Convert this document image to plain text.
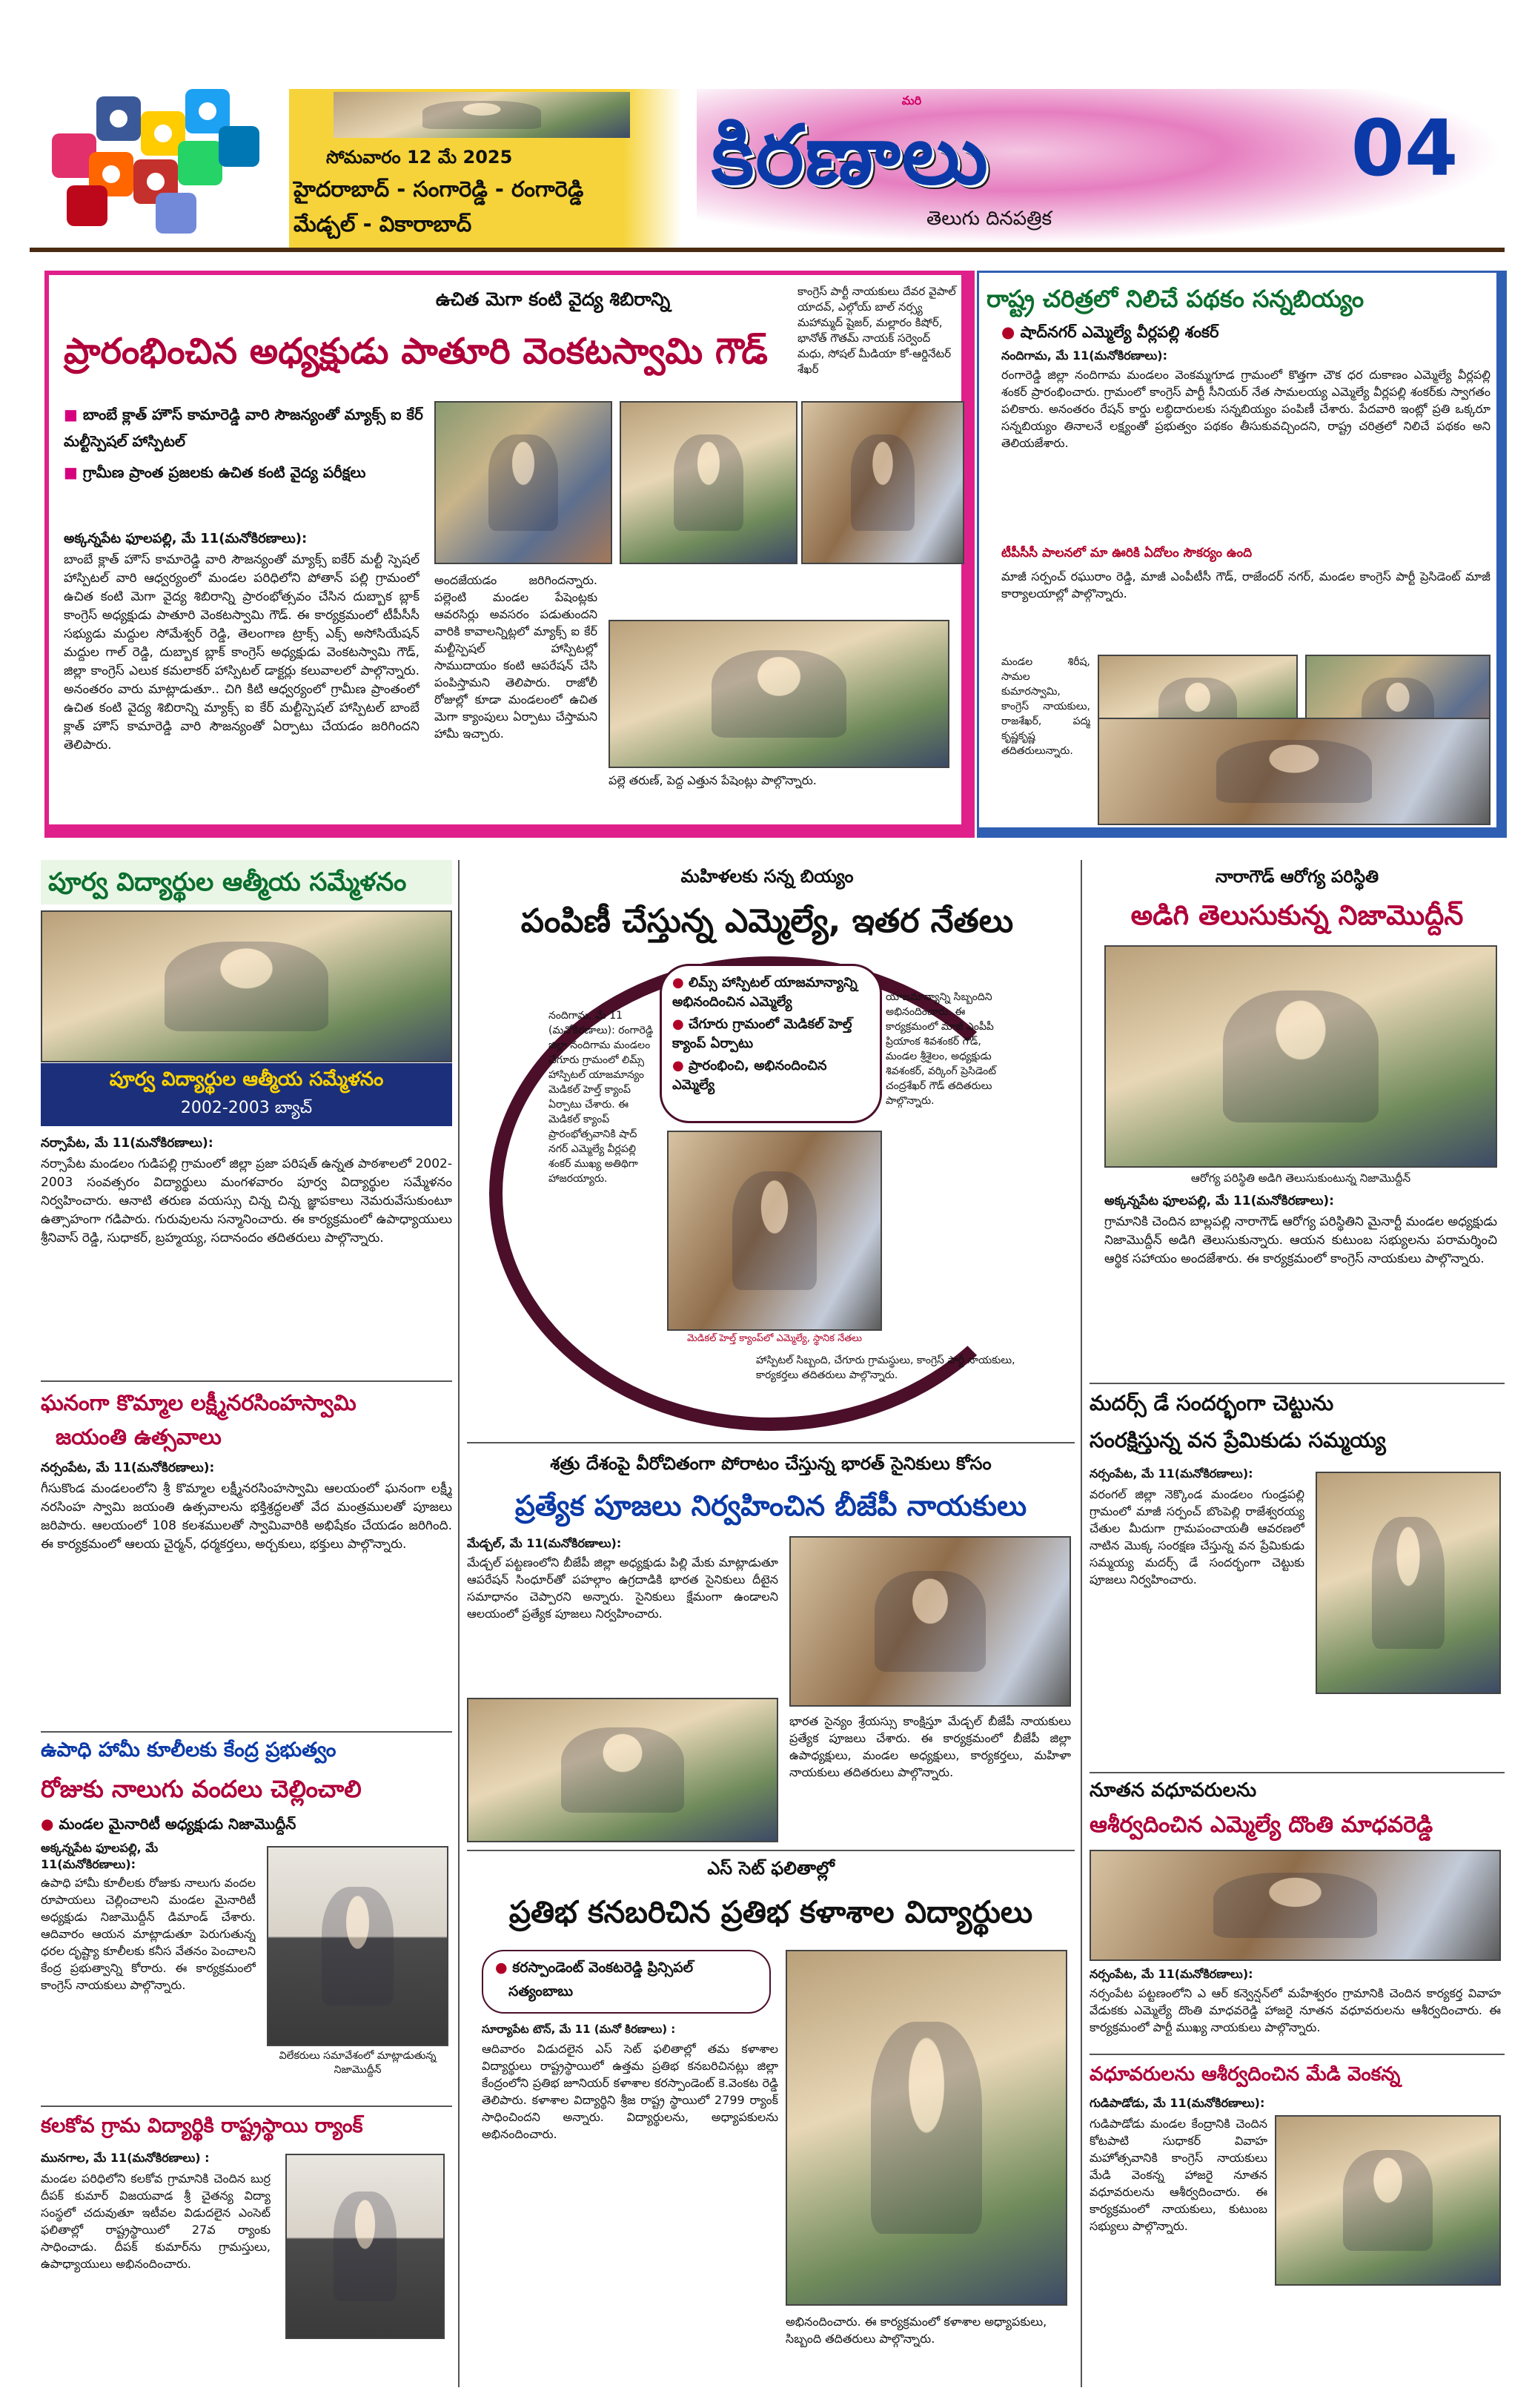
సోమవారం 12 మే 2025
హైదరాబాద్ - సంగారెడ్డి - రంగారెడ్డి
మేడ్చల్ - వికారాబాద్
మరి
కిరణాలు
తెలుగు దినపత్రిక
04
ఉచిత మెగా కంటి వైద్య శిబిరాన్ని
ప్రారంభించిన అధ్యక్షుడు పాతూరి వెంకటస్వామి గౌడ్
కాంగ్రెస్ పార్టీ నాయకులు దేవర వైపాల్ యాదవ్, ఎల్గోయ్ బాల్ నర్స్య మహామ్మద్ షైజర్, మల్లారం కిషోర్, భానోత్ గౌతమ్ నాయక్ సర్వెంద్ మధు, సోషల్ మీడియా కో-ఆర్డినేటర్ శేఖర్
■ బాంబే క్లాత్ హౌస్ కామారెడ్డి వారి సౌజన్యంతో మ్యాక్స్ ఐ కేర్ మల్టీస్పెషల్ హాస్పిటల్
■ గ్రామీణ ప్రాంత ప్రజలకు ఉచిత కంటి వైద్య పరీక్షలు
అక్కన్నపేట ఫూలపల్లి, మే 11(మనోకిరణాలు):
బాంబే క్లాత్ హౌస్ కామారెడ్డి వారి సౌజన్యంతో మ్యాక్స్ ఐకేర్ మల్టీ స్పెషల్ హాస్పిటల్ వారి ఆధ్వర్యంలో మండల పరిధిలోని పోతాన్ పల్లి గ్రామంలో ఉచిత కంటి మెగా వైద్య శిబిరాన్ని ప్రారంభోత్సవం చేసిన దుబ్బాక బ్లాక్ కాంగ్రెస్ అధ్యక్షుడు పాతూరి వెంకటస్వామి గౌడ్. ఈ కార్యక్రమంలో టీపీసీసీ సభ్యుడు మద్దుల సోమేశ్వర్ రెడ్డి, తెలంగాణ ట్రాక్స్ ఎక్స్ అసోసియేషన్ మద్దుల గాల్ రెడ్డి, దుబ్బాక బ్లాక్ కాంగ్రెస్ అధ్యక్షుడు వెంకటస్వామి గౌడ్, జిల్లా కాంగ్రెస్ ఎలుక కమలాకర్ హాస్పిటల్ డాక్టర్లు కలువాలలో పాల్గొన్నారు. అనంతరం వారు మాట్లాడుతూ.. చిగి కిటి ఆధ్వర్యంలో గ్రామీణ ప్రాంతంలో ఉచిత కంటి వైద్య శిబిరాన్ని మ్యాక్స్ ఐ కేర్ మల్టీస్పెషల్ హాస్పిటల్ బాంబే క్లాత్ హౌస్ కామారెడ్డి వారి సౌజన్యంతో ఏర్పాటు చేయడం జరిగిందని తెలిపారు.
అందజేయడం జరిగిందన్నారు. పల్లెంటి మండల పేషెంట్లకు ఆవరసిర్లు అవసరం పడుతుందని వారికి కావాలన్నిట్లలో మ్యాక్స్ ఐ కేర్ మల్టీస్పెషల్ హాస్పిటల్లో సాముదాయం కంటి ఆపరేషన్ చేసి పంపిస్తామని తెలిపారు. రాజోలీ రోజుల్లో కూడా మండలంలో ఉచిత మెగా క్యాంపులు ఏర్పాటు చేస్తామని హామీ ఇచ్చారు.
పల్లె తరుణ్, పెద్ద ఎత్తున పేషెంట్లు పాల్గొన్నారు.
రాష్ట్ర చరిత్రలో నిలిచే పథకం సన్నబియ్యం
● షాద్‌నగర్ ఎమ్మెల్యే వీర్లపల్లి శంకర్
నందిగామ, మే 11(మనోకిరణాలు):
రంగారెడ్డి జిల్లా నందిగామ మండలం వెంకమ్మగూడ గ్రామంలో కొత్తగా చౌక ధర దుకాణం ఎమ్మెల్యే వీర్లపల్లి శంకర్ ప్రారంభించారు. గ్రామంలో కాంగ్రెస్ పార్టీ సీనియర్ నేత సామలయ్య ఎమ్మెల్యే వీర్లపల్లి శంకర్‌కు స్వాగతం పలికారు. అనంతరం రేషన్ కార్డు లబ్ధిదారులకు సన్నబియ్యం పంపిణీ చేశారు. పేదవారి ఇంట్లో ప్రతి ఒక్కరూ సన్నబియ్యం తినాలనే లక్ష్యంతో ప్రభుత్వం పథకం తీసుకువచ్చిందని, రాష్ట్ర చరిత్రలో నిలిచే పథకం అని తెలియజేశారు.
టీపీసీసీ పాలనలో మా ఊరికి ఏదోలం సౌకర్యం ఉంది
మాజీ సర్పంచ్ రఘురాం రెడ్డి, మాజీ ఎంపీటీసీ గౌడ్, రాజేందర్ నగర్, మండల కాంగ్రెస్ పార్టీ ప్రెసిడెంట్ మాజీ కార్యాలయాల్లో పాల్గొన్నారు.
మండల శిరీష, సామల కుమారస్వామి, కాంగ్రెస్ నాయకులు, రాజశేఖర్, పద్మ కృష్ణకృష్ణ తదితరులున్నారు.
పూర్వ విద్యార్థుల ఆత్మీయ సమ్మేళనం
పూర్వ విద్యార్థుల ఆత్మీయ సమ్మేళనం
2002-2003 బ్యాచ్
నర్సాపేట, మే 11(మనోకిరణాలు):
నర్సాపేట మండలం గుడిపల్లి గ్రామంలో జిల్లా ప్రజా పరిషత్ ఉన్నత పాఠశాలలో 2002-2003 సంవత్సరం విద్యార్థులు మంగళవారం పూర్వ విద్యార్థుల సమ్మేళనం నిర్వహించారు. ఆనాటి తరుణ వయస్సు చిన్న చిన్న జ్ఞాపకాలు నెమరువేసుకుంటూ ఉత్సాహంగా గడిపారు. గురువులను సన్మానించారు. ఈ కార్యక్రమంలో ఉపాధ్యాయులు శ్రీనివాస్ రెడ్డి, సుధాకర్, బ్రహ్మయ్య, సదానందం తదితరులు పాల్గొన్నారు.
మహిళలకు సన్న బియ్యం
పంపిణీ చేస్తున్న ఎమ్మెల్యే, ఇతర నేతలు
● లిమ్స్ హాస్పిటల్ యాజమాన్యాన్ని అభినందించిన ఎమ్మెల్యే
● చేగూరు గ్రామంలో మెడికల్ హెల్త్ క్యాంప్ ఏర్పాటు
● ప్రారంభించి, అభినందించిన ఎమ్మెల్యే
నందిగామ, మే 11 (మనోకిరణాలు): రంగారెడ్డి జిల్లా నందిగామ మండలం చేగూరు గ్రామంలో లిమ్స్ హాస్పిటల్ యాజమాన్యం మెడికల్ హెల్త్ క్యాంప్ ఏర్పాటు చేశారు. ఈ మెడికల్ క్యాంప్ ప్రారంభోత్సవానికి షాద్ నగర్ ఎమ్మెల్యే వీర్లపల్లి శంకర్ ముఖ్య అతిథిగా హాజరయ్యారు.
యాజమాన్యాన్ని సిబ్బందిని అభినందించారు. ఈ కార్యక్రమంలో మాజీ ఎంపీపీ ప్రియాంక శివశంకర్ గౌడ్, మండల శ్రీశైలం, అధ్యక్షుడు శివశంకర్, వర్కింగ్ ప్రెసిడెంట్ చంద్రశేఖర్ గౌడ్ తదితరులు పాల్గొన్నారు.
మెడికల్ హెల్త్ క్యాంప్‌లో ఎమ్మెల్యే, స్థానిక నేతలు
హాస్పిటల్ సిబ్బంది, చేగూరు గ్రామస్థులు, కాంగ్రెస్ పార్టీ నాయకులు, కార్యకర్తలు తదితరులు పాల్గొన్నారు.
నారాగౌడ్ ఆరోగ్య పరిస్థితి
అడిగి తెలుసుకున్న నిజామొద్దీన్
ఆరోగ్య పరిస్థితి అడిగి తెలుసుకుంటున్న నిజామొద్దీన్
అక్కన్నపేట ఫూలపల్లి, మే 11(మనోకిరణాలు):
గ్రామానికి చెందిన బాల్లపల్లి నారాగౌడ్ ఆరోగ్య పరిస్థితిని మైనార్టీ మండల అధ్యక్షుడు నిజామొద్దీన్ అడిగి తెలుసుకున్నారు. ఆయన కుటుంబ సభ్యులను పరామర్శించి ఆర్థిక సహాయం అందజేశారు. ఈ కార్యక్రమంలో కాంగ్రెస్ నాయకులు పాల్గొన్నారు.
ఘనంగా కొమ్మాల లక్ష్మీనరసింహస్వామి
జయంతి ఉత్సవాలు
నర్సంపేట, మే 11(మనోకిరణాలు):
గీసుకొండ మండలంలోని శ్రీ కొమ్మాల లక్ష్మీనరసింహస్వామి ఆలయంలో ఘనంగా లక్ష్మీ నరసింహ స్వామి జయంతి ఉత్సవాలను భక్తిశ్రద్ధలతో వేద మంత్రములతో పూజలు జరిపారు. ఆలయంలో 108 కలశములతో స్వామివారికి అభిషేకం చేయడం జరిగింది. ఈ కార్యక్రమంలో ఆలయ చైర్మన్, ధర్మకర్తలు, అర్చకులు, భక్తులు పాల్గొన్నారు.
ఉపాధి హామీ కూలీలకు కేంద్ర ప్రభుత్వం
రోజుకు నాలుగు వందలు చెల్లించాలి
● మండల మైనారిటీ అధ్యక్షుడు నిజామొద్దీన్
అక్కన్నపేట ఫూలపల్లి, మే 11(మనోకిరణాలు):
ఉపాధి హామీ కూలీలకు రోజుకు నాలుగు వందల రూపాయలు చెల్లించాలని మండల మైనారిటీ అధ్యక్షుడు నిజామొద్దీన్ డిమాండ్ చేశారు. ఆదివారం ఆయన మాట్లాడుతూ పెరుగుతున్న ధరల దృష్ట్యా కూలీలకు కనీస వేతనం పెంచాలని కేంద్ర ప్రభుత్వాన్ని కోరారు. ఈ కార్యక్రమంలో కాంగ్రెస్ నాయకులు పాల్గొన్నారు.
విలేకరులు సమావేశంలో మాట్లాడుతున్న నిజామొద్దీన్
కలకోవ గ్రామ విద్యార్థికి రాష్ట్రస్థాయి ర్యాంక్
మునగాల, మే 11(మనోకిరణాలు) :
మండల పరిధిలోని కలకోవ గ్రామానికి చెందిన బుర్ర దీపక్ కుమార్ విజయవాడ శ్రీ చైతన్య విద్యా సంస్థలో చదువుతూ ఇటీవల విడుదలైన ఎంసెట్ ఫలితాల్లో రాష్ట్రస్థాయిలో 27వ ర్యాంకు సాధించాడు. దీపక్ కుమార్‌ను గ్రామస్తులు, ఉపాధ్యాయులు అభినందించారు.
మదర్స్ డే సందర్భంగా చెట్టును
సంరక్షిస్తున్న వన ప్రేమికుడు సమ్మయ్య
నర్సంపేట, మే 11(మనోకిరణాలు):
వరంగల్ జిల్లా నెక్కొండ మండలం గుండ్రపల్లి గ్రామంలో మాజీ సర్పంచ్ బొంపెల్లి రాజేశ్వరయ్య చేతుల మీదుగా గ్రామపంచాయతీ ఆవరణలో నాటిన మొక్క సంరక్షణ చేస్తున్న వన ప్రేమికుడు సమ్మయ్య మదర్స్ డే సందర్భంగా చెట్టుకు పూజలు నిర్వహించారు.
నూతన వధూవరులను
ఆశీర్వదించిన ఎమ్మెల్యే దొంతి మాధవరెడ్డి
నర్సంపేట, మే 11(మనోకిరణాలు):
నర్సంపేట పట్టణంలోని ఎ ఆర్ కన్వెన్షన్‌లో మహేశ్వరం గ్రామానికి చెందిన కార్యకర్త వివాహ వేడుకకు ఎమ్మెల్యే దొంతి మాధవరెడ్డి హాజరై నూతన వధూవరులను ఆశీర్వదించారు. ఈ కార్యక్రమంలో పార్టీ ముఖ్య నాయకులు పాల్గొన్నారు.
వధూవరులను ఆశీర్వదించిన మేడి వెంకన్న
గుడిపాడోడు, మే 11(మనోకిరణాలు):
గుడిపాడోడు మండల కేంద్రానికి చెందిన కోటపాటి సుధాకర్ వివాహ మహోత్సవానికి కాంగ్రెస్ నాయకులు మేడి వెంకన్న హాజరై నూతన వధూవరులను ఆశీర్వదించారు. ఈ కార్యక్రమంలో నాయకులు, కుటుంబ సభ్యులు పాల్గొన్నారు.
శత్రు దేశంపై వీరోచితంగా పోరాటం చేస్తున్న భారత్ సైనికులు కోసం
ప్రత్యేక పూజలు నిర్వహించిన బీజేపీ నాయకులు
మేడ్చల్, మే 11(మనోకిరణాలు):
మేడ్చల్ పట్టణంలోని బీజేపీ జిల్లా అధ్యక్షుడు పిల్లి మేకు మాట్లాడుతూ ఆపరేషన్ సింధూర్‌తో పహల్గాం ఉగ్రదాడికి భారత సైనికులు దీటైన సమాధానం చెప్పారని అన్నారు. సైనికులు క్షేమంగా ఉండాలని ఆలయంలో ప్రత్యేక పూజలు నిర్వహించారు.
భారత సైన్యం శ్రేయస్సు కాంక్షిస్తూ మేడ్చల్ బీజేపీ నాయకులు ప్రత్యేక పూజలు చేశారు. ఈ కార్యక్రమంలో బీజేపీ జిల్లా ఉపాధ్యక్షులు, మండల అధ్యక్షులు, కార్యకర్తలు, మహిళా నాయకులు తదితరులు పాల్గొన్నారు.
ఎస్ సెట్ ఫలితాల్లో
ప్రతిభ కనబరిచిన ప్రతిభ కళాశాల విద్యార్థులు
● కరస్పాండెంట్ వెంకటరెడ్డి ప్రిన్సిపల్
సత్యంబాబు
సూర్యాపేట టౌన్, మే 11 (మనో కిరణాలు) :
ఆదివారం విడుదలైన ఎస్ సెట్ ఫలితాల్లో తమ కళాశాల విద్యార్థులు రాష్ట్రస్థాయిలో ఉత్తమ ప్రతిభ కనబరిచినట్లు జిల్లా కేంద్రంలోని ప్రతిభ జూనియర్ కళాశాల కరస్పాండెంట్ కె.వెంకట రెడ్డి తెలిపారు. కళాశాల విద్యార్థిని శ్రీజ రాష్ట్ర స్థాయిలో 2799 ర్యాంక్ సాధించిందని అన్నారు. విద్యార్థులను, అధ్యాపకులను అభినందించారు.
అభినందించారు. ఈ కార్యక్రమంలో కళాశాల అధ్యాపకులు, సిబ్బంది తదితరులు పాల్గొన్నారు.
